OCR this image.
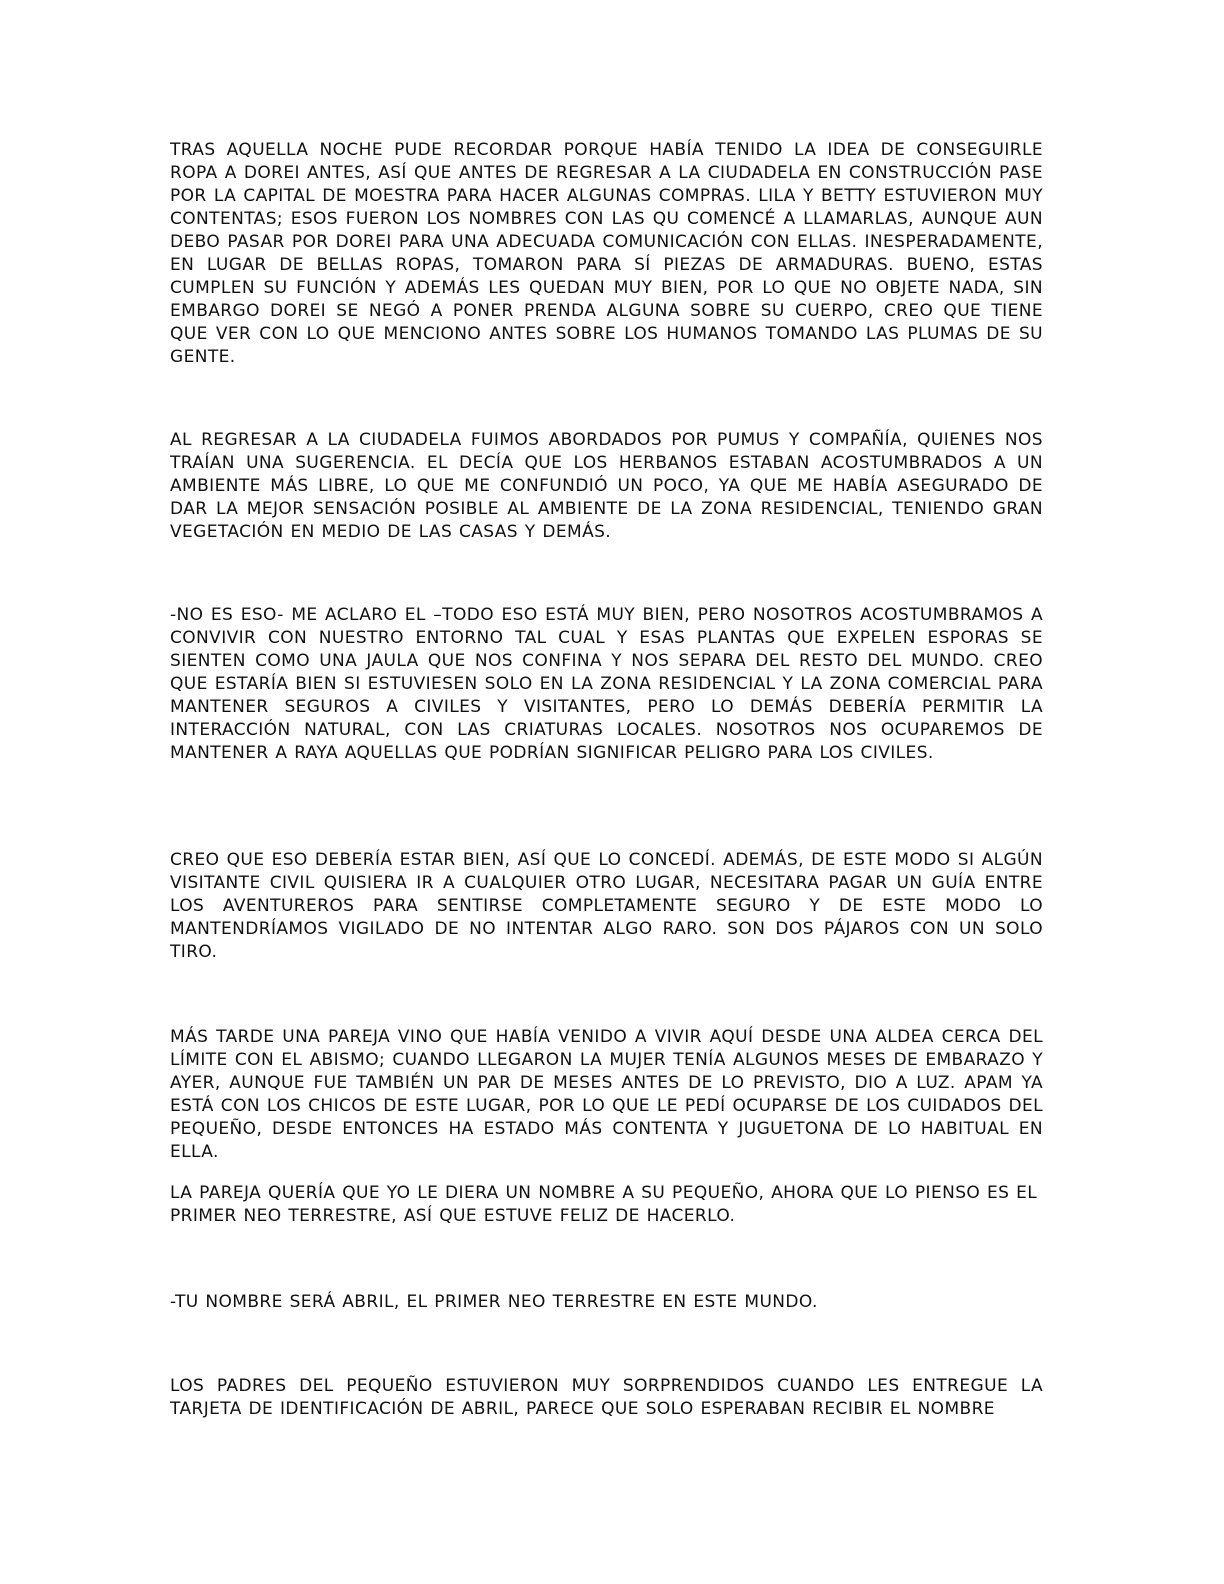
TRAS AQUELLA NOCHE PUDE RECORDAR PORQUE HABÍA TENIDO LA IDEA DE CONSEGUIRLE ROPA A DOREI ANTES, ASÍ QUE ANTES DE REGRESAR A LA CIUDADELA EN CONSTRUCCIÓN PASE POR LA CAPITAL DE MOESTRA PARA HACER ALGUNAS COMPRAS. LILA Y BETTY ESTUVIERON MUY CONTENTAS; ESOS FUERON LOS NOMBRES CON LAS QU COMENCÉ A LLAMARLAS, AUNQUE AUN DEBO PASAR POR DOREI PARA UNA ADECUADA COMUNICACIÓN CON ELLAS. INESPERADAMENTE, EN LUGAR DE BELLAS ROPAS, TOMARON PARA SÍ PIEZAS DE ARMADURAS. BUENO, ESTAS CUMPLEN SU FUNCIÓN Y ADEMÁS LES QUEDAN MUY BIEN, POR LO QUE NO OBJETE NADA, SIN EMBARGO DOREI SE NEGÓ A PONER PRENDA ALGUNA SOBRE SU CUERPO, CREO QUE TIENE QUE VER CON LO QUE MENCIONO ANTES SOBRE LOS HUMANOS TOMANDO LAS PLUMAS DE SU GENTE.

AL REGRESAR A LA CIUDADELA FUIMOS ABORDADOS POR PUMUS Y COMPAÑÍA, QUIENES NOS TRAÍAN UNA SUGERENCIA. EL DECÍA QUE LOS HERBANOS ESTABAN ACOSTUMBRADOS A UN AMBIENTE MÁS LIBRE, LO QUE ME CONFUNDIÓ UN POCO, YA QUE ME HABÍA ASEGURADO DE DAR LA MEJOR SENSACIÓN POSIBLE AL AMBIENTE DE LA ZONA RESIDENCIAL, TENIENDO GRAN VEGETACIÓN EN MEDIO DE LAS CASAS Y DEMÁS.

-NO ES ESO- ME ACLARO EL –TODO ESO ESTÁ MUY BIEN, PERO NOSOTROS ACOSTUMBRAMOS A CONVIVIR CON NUESTRO ENTORNO TAL CUAL Y ESAS PLANTAS QUE EXPELEN ESPORAS SE SIENTEN COMO UNA JAULA QUE NOS CONFINA Y NOS SEPARA DEL RESTO DEL MUNDO. CREO QUE ESTARÍA BIEN SI ESTUVIESEN SOLO EN LA ZONA RESIDENCIAL Y LA ZONA COMERCIAL PARA MANTENER SEGUROS A CIVILES Y VISITANTES, PERO LO DEMÁS DEBERÍA PERMITIR LA INTERACCIÓN NATURAL, CON LAS CRIATURAS LOCALES. NOSOTROS NOS OCUPAREMOS DE MANTENER A RAYA AQUELLAS QUE PODRÍAN SIGNIFICAR PELIGRO PARA LOS CIVILES.

CREO QUE ESO DEBERÍA ESTAR BIEN, ASÍ QUE LO CONCEDÍ. ADEMÁS, DE ESTE MODO SI ALGÚN VISITANTE CIVIL QUISIERA IR A CUALQUIER OTRO LUGAR, NECESITARA PAGAR UN GUÍA ENTRE LOS AVENTUREROS PARA SENTIRSE COMPLETAMENTE SEGURO Y DE ESTE MODO LO MANTENDRÍAMOS VIGILADO DE NO INTENTAR ALGO RARO. SON DOS PÁJAROS CON UN SOLO TIRO.

MÁS TARDE UNA PAREJA VINO QUE HABÍA VENIDO A VIVIR AQUÍ DESDE UNA ALDEA CERCA DEL LÍMITE CON EL ABISMO; CUANDO LLEGARON LA MUJER TENÍA ALGUNOS MESES DE EMBARAZO Y AYER, AUNQUE FUE TAMBIÉN UN PAR DE MESES ANTES DE LO PREVISTO, DIO A LUZ. APAM YA ESTÁ CON LOS CHICOS DE ESTE LUGAR, POR LO QUE LE PEDÍ OCUPARSE DE LOS CUIDADOS DEL PEQUEÑO, DESDE ENTONCES HA ESTADO MÁS CONTENTA Y JUGUETONA DE LO HABITUAL EN ELLA.

LA PAREJA QUERÍA QUE YO LE DIERA UN NOMBRE A SU PEQUEÑO, AHORA QUE LO PIENSO ES EL PRIMER NEO TERRESTRE, ASÍ QUE ESTUVE FELIZ DE HACERLO.

-TU NOMBRE SERÁ ABRIL, EL PRIMER NEO TERRESTRE EN ESTE MUNDO.

LOS PADRES DEL PEQUEÑO ESTUVIERON MUY SORPRENDIDOS CUANDO LES ENTREGUE LA TARJETA DE IDENTIFICACIÓN DE ABRIL, PARECE QUE SOLO ESPERABAN RECIBIR EL NOMBRE
